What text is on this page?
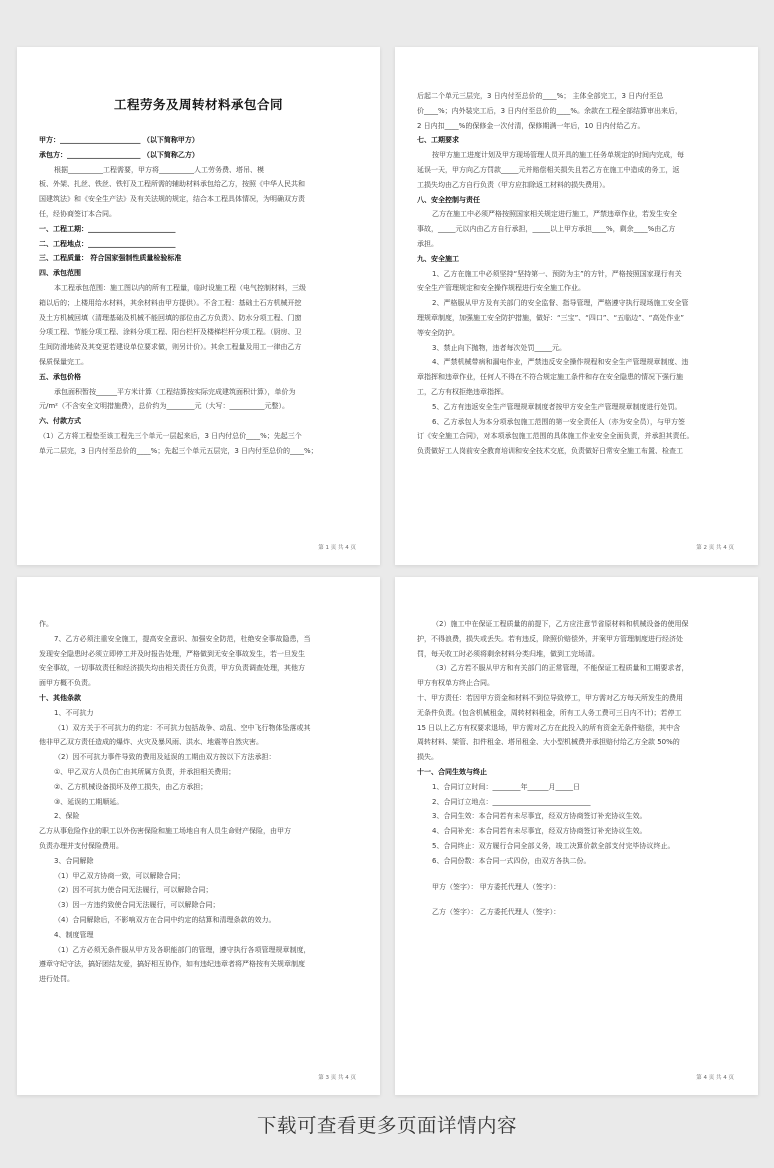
工程劳务及周转材料承包合同
甲方：_______________________ （以下简称甲方）
承包方：_____________________ （以下简称乙方）
根据__________工程需要，甲方将__________人工劳务费、塔吊、模
板、外架、扎丝、铁丝、铁钉及工程所需的辅助材料承包给乙方，按照《中华人民共和
国建筑法》和《安全生产法》及有关法规的规定，结合本工程具体情况，为明确双方责
任，经协商签订本合同。
一、工程工期：_________________________
二、工程地点：_________________________
三、工程质量： 符合国家强制性质量检验标准
四、承包范围
本工程承包范围：施工图以内的所有工程量，临时设施工程（电气控制材料，三级
箱以后的；上楼用给水材料，其余材料由甲方提供）。不含工程：基础土石方机械开挖
及土方机械回填（清理基础及机械不能回填的部位由乙方负责）、防水分项工程、门窗
分项工程、节能分项工程、涂料分项工程、阳台栏杆及楼梯栏杆分项工程。（厨房、卫
生间防滑地砖及其变更若建设单位要求做，则另计价）。其余工程量及用工一律由乙方
保质保量完工。
五、承包价格
承包面积暂按______平方米计算（工程结算按实际完成建筑面积计算），单价为
元/m²（不含安全文明措施费），总价约为________元（大写：__________元整）。
六、付款方式
（1）乙方将工程垫至该工程先三个单元一层起来后，3 日内付总价____%；先起三个
单元二层完，3 日内付至总价的____%；先起三个单元五层完，3 日内付至总价的____%；
第 1 页 共 4 页
后起二个单元三层完，3 日内付至总价的____%； 主体全部完工，3 日内付至总
价____%；内外装完工后，3 日内付至总价的____%。余款在工程全部结算审出来后，
2 日内扣____%的保修金一次付清，保修期满一年后，10 日内付给乙方。
七、工期要求
按甲方施工进度计划及甲方现场管理人员开具的施工任务单规定的时间内完成，每
延误一天，甲方向乙方罚款_____元并赔偿相关损失且若乙方在施工中造成的务工，返
工损失均由乙方自行负责（甲方应扣除返工材料的损失费用）。
八、安全控制与责任
乙方在施工中必须严格按照国家相关规定进行施工，严禁违章作业，若发生安全
事故，_____元以内由乙方自行承担，_____以上甲方承担____%，剩余____%由乙方
承担。
九、安全施工
1、乙方在施工中必须坚持“坚持第一、预防为主”的方针，严格按照国家现行有关
安全生产管理规定和安全操作规程进行安全施工作业。
2、严格服从甲方及有关部门的安全监督、指导管理，严格遵守执行现场施工安全管
理规章制度，加强施工安全防护措施，做好：“三宝”、“四口”、“五临边”、“高处作业”
等安全防护。
3、禁止向下抛物，违者每次处罚_____元。
4、严禁机械带病和漏电作业，严禁违反安全操作规程和安全生产管理规章制度、违
章指挥和违章作业，任何人不得在不符合规定施工条件和存在安全隐患的情况下强行施
工，乙方有权拒绝违章指挥。
5、乙方有违返安全生产管理规章制度者按甲方安全生产管理规章制度进行处罚。
6、乙方承包人为本分项承包施工范围的第一安全责任人（亦为安全员），与甲方签
订《安全施工合同》，对本项承包施工范围的具体施工作业安全全面负责，并承担其责任。
负责做好工人岗前安全教育培训和安全技术交底，负责做好日常安全施工布置、检查工
第 2 页 共 4 页
作。
7、乙方必须注重安全施工，提高安全意识、加强安全防范，杜绝安全事故隐患，当
发现安全隐患时必须立即停工并及时报告处理，严格做到无安全事故发生，若一旦发生
安全事故，一切事故责任和经济损失均由相关责任方负责，甲方负责调查处理，其他方
面甲方概不负责。
十、其他条款
1、不可抗力
（1）双方关于不可抗力的约定：不可抗力包括战争、动乱、空中飞行物体坠落或其
他非甲乙双方责任造成的爆炸、火灾及暴风雨、洪水、地震等自然灾害。
（2）因不可抗力事件导致的费用及延误的工期由双方按以下方法承担：
①、甲乙双方人员伤亡由其所属方负责，并承担相关费用；
②、乙方机械设备损坏及停工损失，由乙方承担；
③、延误的工期顺延。
2、保险
乙方从事危险作业的职工以外伤害保险和施工场地自有人员生命财产保险，由甲方
负责办理并支付保险费用。
3、合同解除
（1）甲乙双方协商一致，可以解除合同；
（2）因不可抗力使合同无法履行，可以解除合同；
（3）因一方违约致使合同无法履行，可以解除合同；
（4）合同解除后，不影响双方在合同中约定的结算和清理条款的效力。
4、制度管理
（1）乙方必须无条件服从甲方及各职能部门的管理，遵守执行各项管理规章制度，
遵章守纪守法，搞好团结友爱，搞好相互协作，如有违纪违章者将严格按有关规章制度
进行处罚。
第 3 页 共 4 页
（2）施工中在保证工程质量的前提下，乙方应注意节省原材料和机械设备的使用保
护，不得浪费，损失或丢失。若有违反，除照价赔偿外，并案甲方管理制度进行经济处
罚，每天收工时必须将剩余材料分类归堆，做到工完场清。
（3）乙方若不服从甲方和有关部门的正常管理，不能保证工程质量和工期要求者，
甲方有权单方终止合同。
十、甲方责任：若因甲方资金和材料不到位导致停工，甲方需对乙方每天所发生的费用
无条件负责。(包含机械租金，周转材料租金，所有工人务工费可三日内不计)；若停工
15 日以上乙方有权要求退场，甲方需对乙方在此投入的所有资金无条件赔偿，其中含
周转材料、架管、扣件租金、塔吊租金、大小型机械费并承担赔付给乙方全款 50%的
损失。
十一、合同生效与终止
1、合同订立时间：________年______月_____日
2、合同订立地点：____________________________
3、合同生效：本合同若有未尽事宜，经双方协商签订补充协议生效。
4、合同补充：本合同若有未尽事宜，经双方协商签订补充协议生效。
5、合同终止：双方履行合同全部义务，竣工决算价款全部支付完毕协议终止。
6、合同份数：本合同一式四份，由双方各执二份。
甲方（签字）： 甲方委托代理人（签字）：
乙方（签字）： 乙方委托代理人（签字）：
第 4 页 共 4 页
下载可查看更多页面详情内容
